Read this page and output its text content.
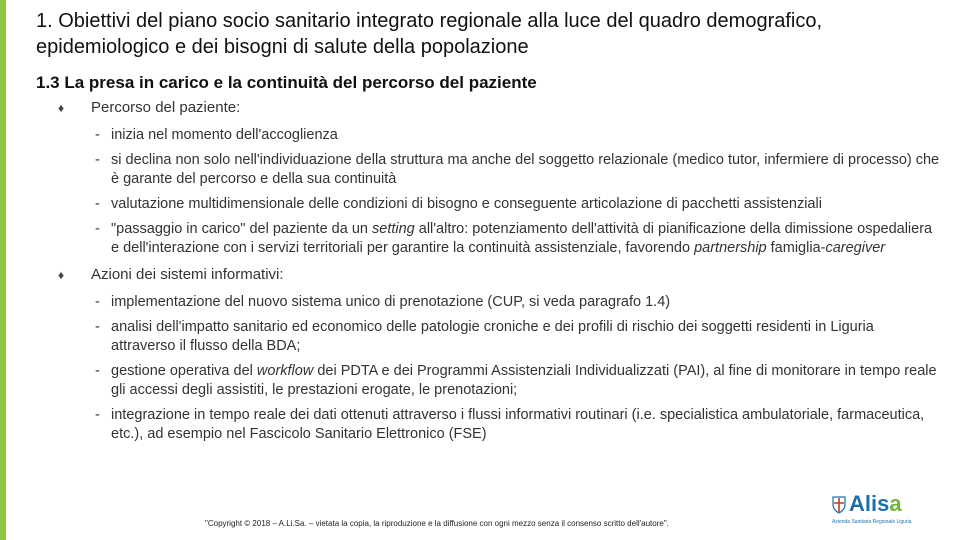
1. Obiettivi del piano socio sanitario integrato regionale alla luce del quadro demografico, epidemiologico e dei bisogni di salute della popolazione
1.3 La presa in carico e la continuità del percorso del paziente
♦ Percorso del paziente:
- inizia nel momento dell'accoglienza
- si declina non solo nell'individuazione della struttura ma anche del soggetto relazionale (medico tutor, infermiere di processo) che è garante del percorso e della sua continuità
- valutazione multidimensionale delle condizioni di bisogno e conseguente articolazione di pacchetti assistenziali
- "passaggio in carico" del paziente da un setting all'altro: potenziamento dell'attività di pianificazione della dimissione ospedaliera e dell'interazione con i servizi territoriali per garantire la continuità assistenziale, favorendo partnership famiglia-caregiver
♦ Azioni dei sistemi informativi:
- implementazione del nuovo sistema unico di prenotazione (CUP, si veda paragrafo 1.4)
- analisi dell'impatto sanitario ed economico delle patologie croniche e dei profili di rischio dei soggetti residenti in Liguria attraverso il flusso della BDA;
- gestione operativa del workflow dei PDTA e dei Programmi Assistenziali Individualizzati (PAI), al fine di monitorare in tempo reale gli accessi degli assistiti, le prestazioni erogate, le prenotazioni;
- integrazione in tempo reale dei dati ottenuti attraverso i flussi informativi routinari (i.e. specialistica ambulatoriale, farmaceutica, etc.), ad esempio nel Fascicolo Sanitario Elettronico (FSE)
"Copyright © 2018 – A.Li.Sa. – vietata la copia, la riproduzione e la diffusione con ogni mezzo senza il consenso scritto dell'autore".
Alisa
Azienda Sanitaria Regionale Liguria
